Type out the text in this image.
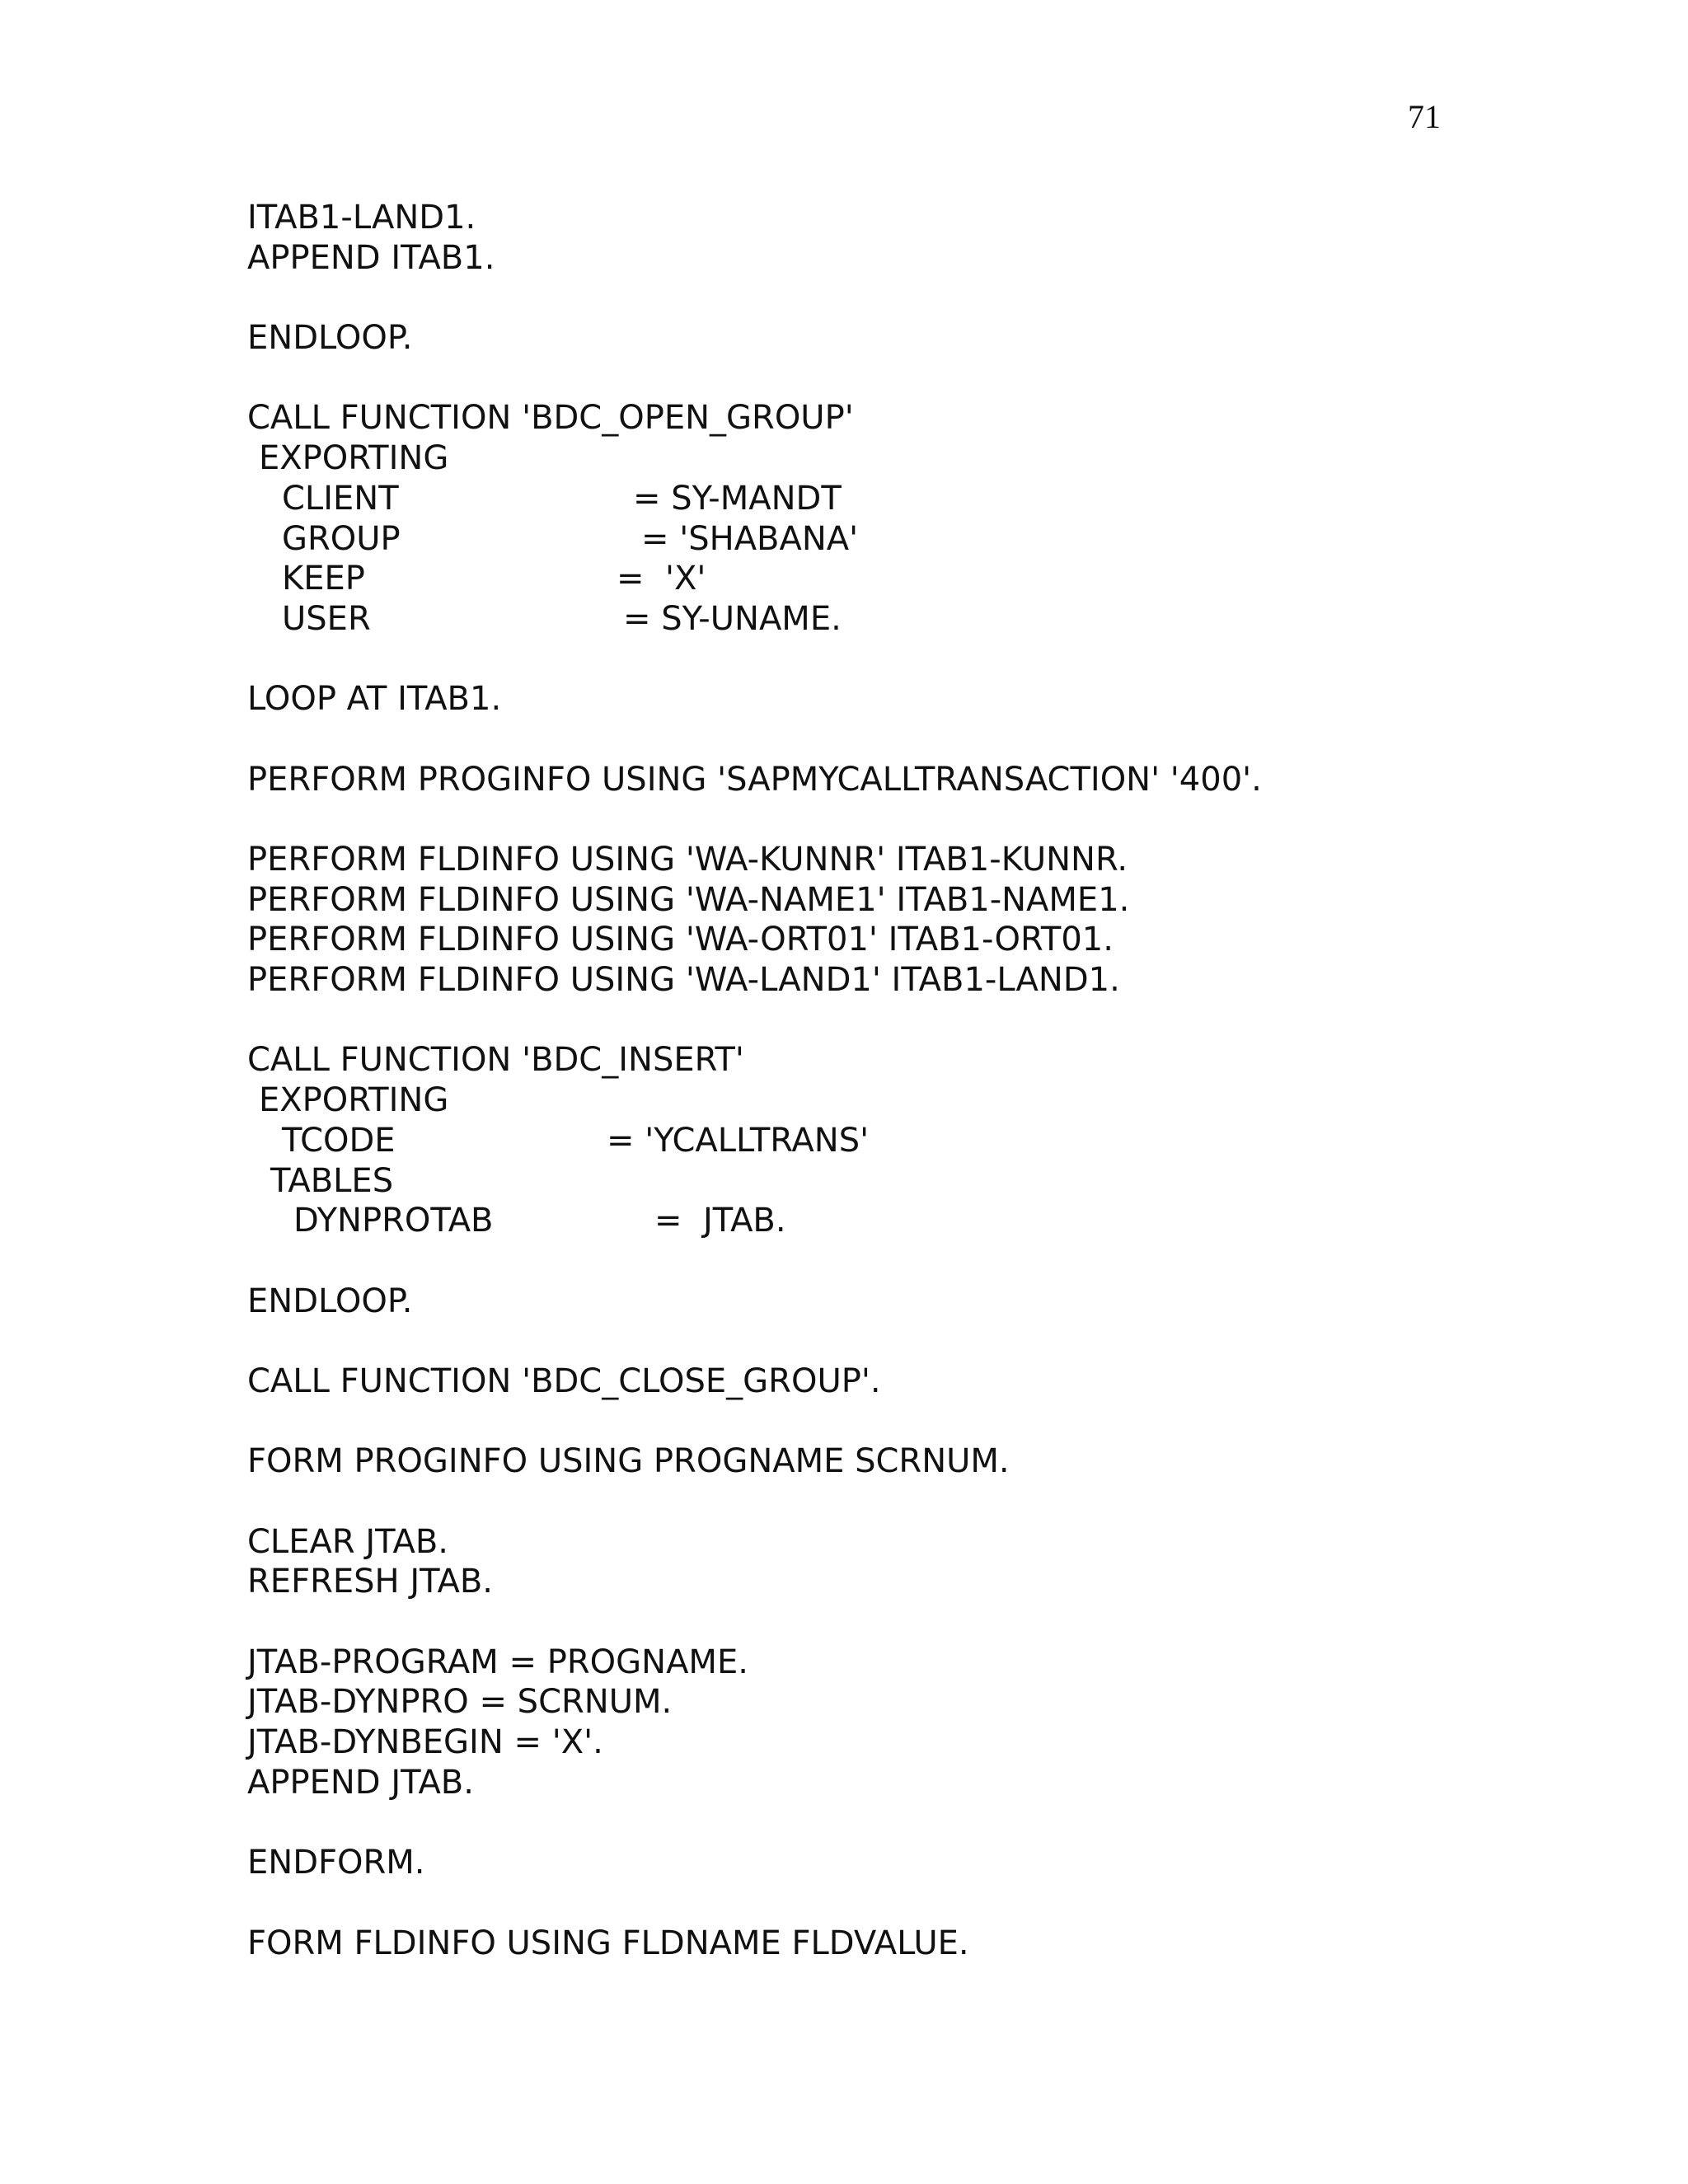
71
ITAB1-LAND1.
APPEND ITAB1.
ENDLOOP.
CALL FUNCTION 'BDC_OPEN_GROUP'
EXPORTING
CLIENT	= SY-MANDT
GROUP	= 'SHABANA'
KEEP	=  'X'
USER	= SY-UNAME.
LOOP AT ITAB1.
PERFORM PROGINFO USING 'SAPMYCALLTRANSACTION' '400'.
PERFORM FLDINFO USING 'WA-KUNNR' ITAB1-KUNNR.
PERFORM FLDINFO USING 'WA-NAME1' ITAB1-NAME1.
PERFORM FLDINFO USING 'WA-ORT01' ITAB1-ORT01.
PERFORM FLDINFO USING 'WA-LAND1' ITAB1-LAND1.
CALL FUNCTION 'BDC_INSERT'
EXPORTING
TCODE	= 'YCALLTRANS'
TABLES
DYNPROTAB	=  JTAB.
ENDLOOP.
CALL FUNCTION 'BDC_CLOSE_GROUP'.
FORM PROGINFO USING PROGNAME SCRNUM.
CLEAR JTAB.
REFRESH JTAB.
JTAB-PROGRAM = PROGNAME.
JTAB-DYNPRO = SCRNUM.
JTAB-DYNBEGIN = 'X'.
APPEND JTAB.
ENDFORM.
FORM FLDINFO USING FLDNAME FLDVALUE.
